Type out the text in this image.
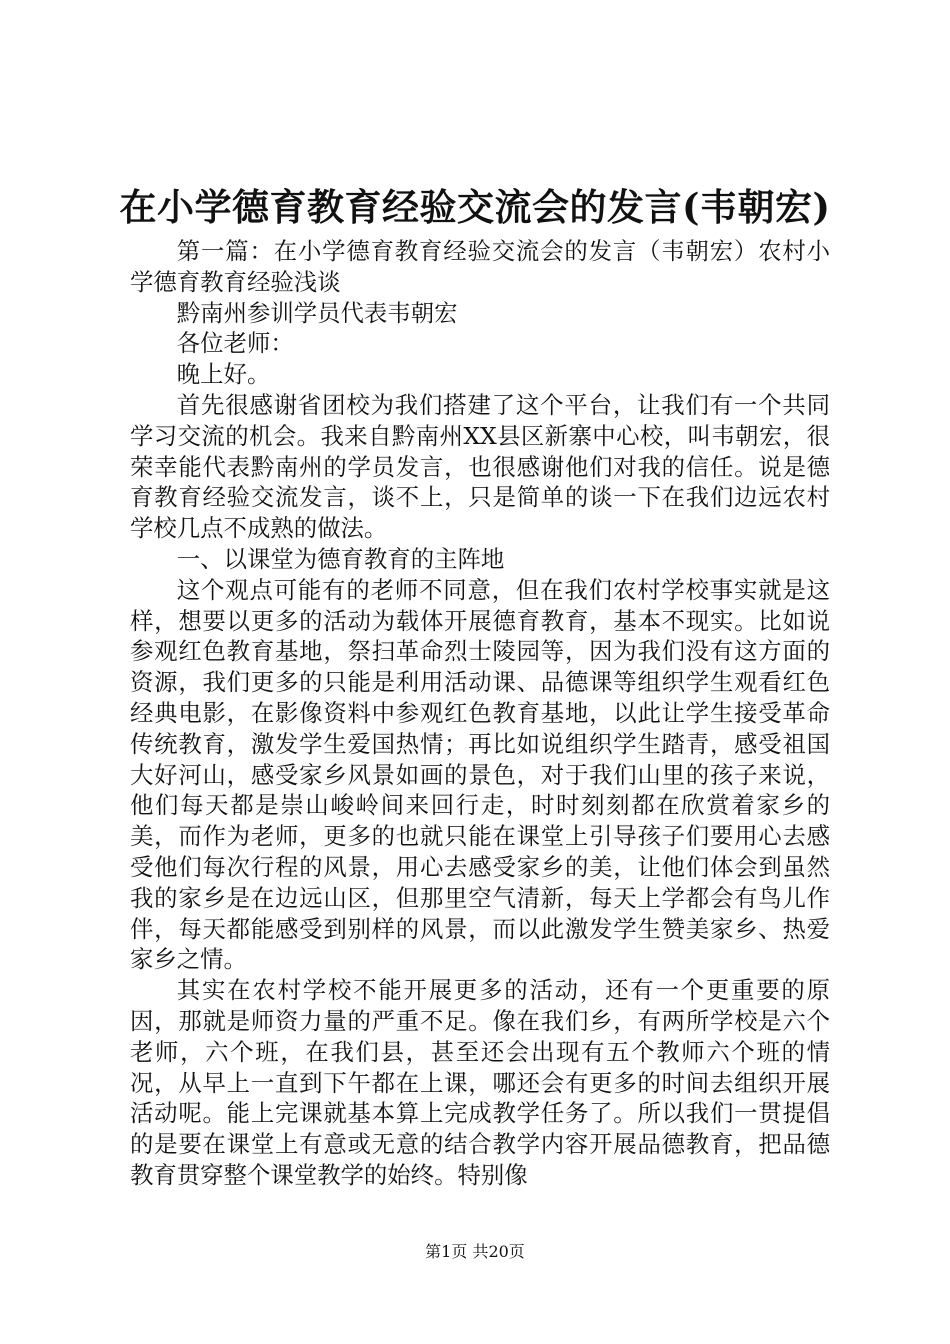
在小学德育教育经验交流会的发言(韦朝宏)

第一篇：在小学德育教育经验交流会的发言（韦朝宏）农村小学德育教育经验浅谈

黔南州参训学员代表韦朝宏

各位老师：

晚上好。

首先很感谢省团校为我们搭建了这个平台，让我们有一个共同学习交流的机会。我来自黔南州XX县区新寨中心校，叫韦朝宏，很荣幸能代表黔南州的学员发言，也很感谢他们对我的信任。说是德育教育经验交流发言，谈不上，只是简单的谈一下在我们边远农村学校几点不成熟的做法。

一、以课堂为德育教育的主阵地

这个观点可能有的老师不同意，但在我们农村学校事实就是这样，想要以更多的活动为载体开展德育教育，基本不现实。比如说参观红色教育基地，祭扫革命烈士陵园等，因为我们没有这方面的资源，我们更多的只能是利用活动课、品德课等组织学生观看红色经典电影，在影像资料中参观红色教育基地，以此让学生接受革命传统教育，激发学生爱国热情；再比如说组织学生踏青，感受祖国大好河山，感受家乡风景如画的景色，对于我们山里的孩子来说，他们每天都是崇山峻岭间来回行走，时时刻刻都在欣赏着家乡的美，而作为老师，更多的也就只能在课堂上引导孩子们要用心去感受他们每次行程的风景，用心去感受家乡的美，让他们体会到虽然我的家乡是在边远山区，但那里空气清新，每天上学都会有鸟儿作伴，每天都能感受到别样的风景，而以此激发学生赞美家乡、热爱家乡之情。

其实在农村学校不能开展更多的活动，还有一个更重要的原因，那就是师资力量的严重不足。像在我们乡，有两所学校是六个老师，六个班，在我们县，甚至还会出现有五个教师六个班的情况，从早上一直到下午都在上课，哪还会有更多的时间去组织开展活动呢。能上完课就基本算上完成教学任务了。所以我们一贯提倡的是要在课堂上有意或无意的结合教学内容开展品德教育，把品德教育贯穿整个课堂教学的始终。特别像

第1页 共20页
